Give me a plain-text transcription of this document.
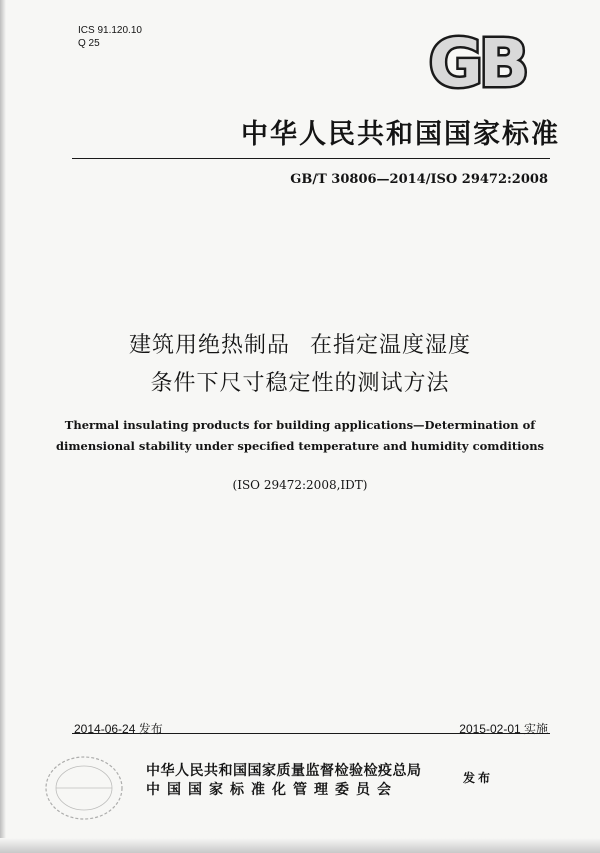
ICS 91.120.10
Q 25	GB
中华人民共和国国家标准
GB/T 30806—2014/ISO 29472:2008
建筑用绝热制品 在指定温度湿度
条件下尺寸稳定性的测试方法
Thermal insulating products for building applications—Determination of
dimensional stability under specified temperature and humidity comditions
(ISO 29472:2008,IDT)
2014-06-24 发布	2015-02-01 实施
中华人民共和国国家质量监督检验检疫总局
中国国家标准化管理委员会
发布
